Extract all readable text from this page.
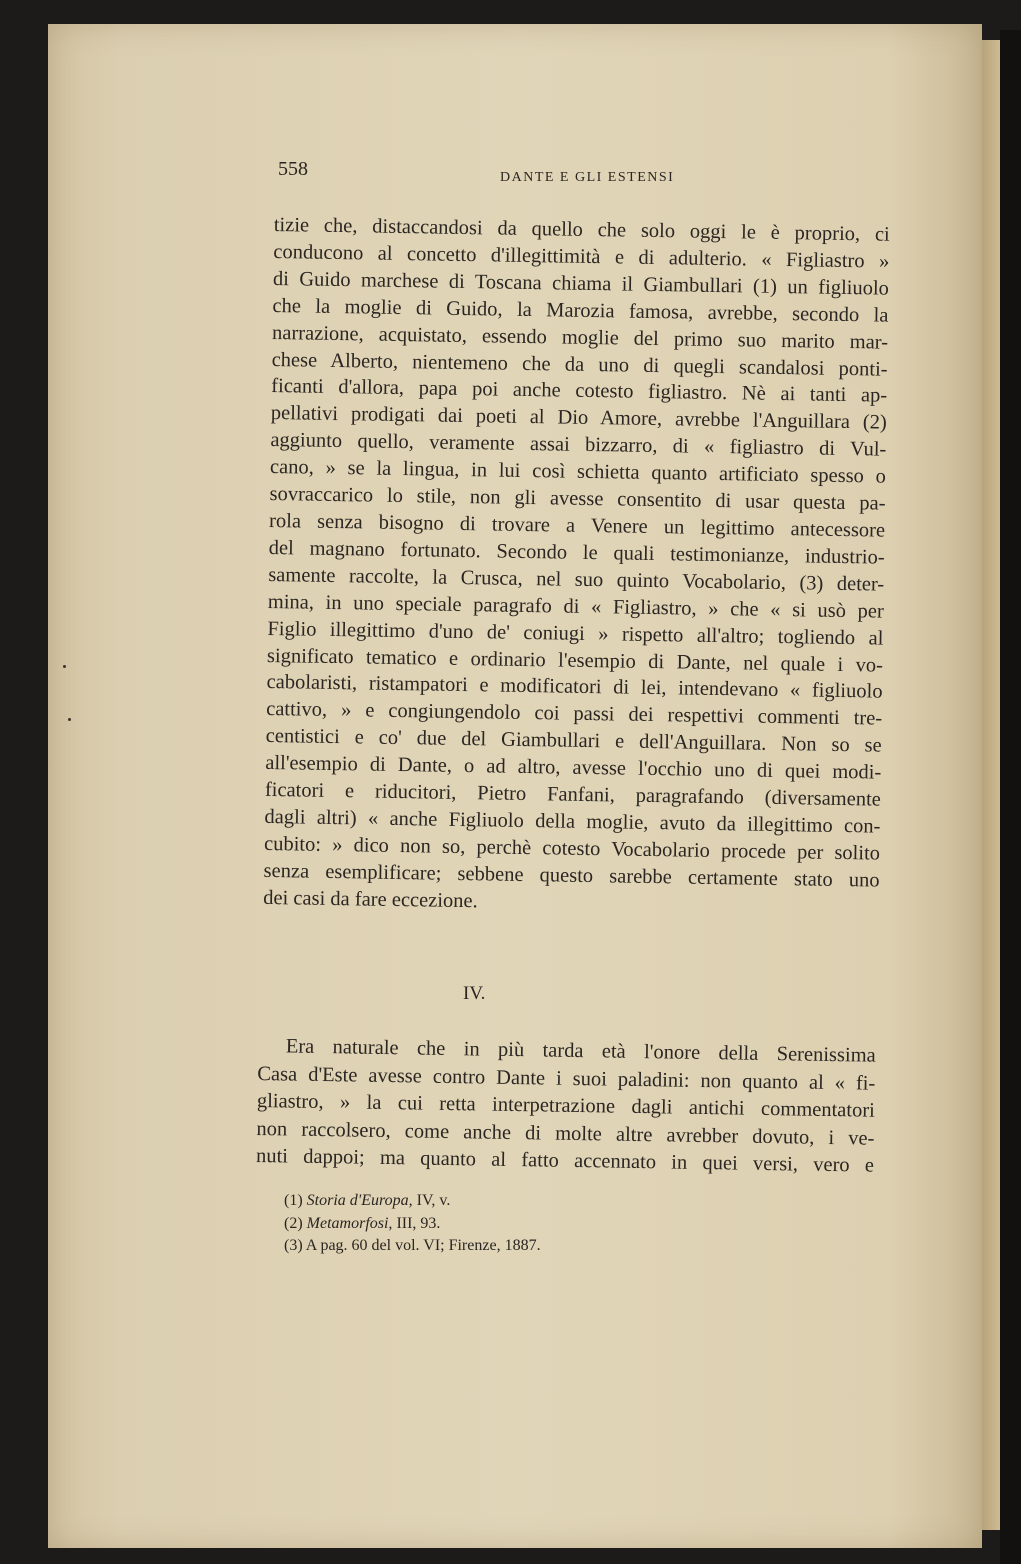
558	DANTE E GLI ESTENSI
tizie che, distaccandosi da quello che solo oggi le è proprio, ci
conducono al concetto d'illegittimità e di adulterio. « Figliastro »
di Guido marchese di Toscana chiama il Giambullari (1) un figliuolo
che la moglie di Guido, la Marozia famosa, avrebbe, secondo la
narrazione, acquistato, essendo moglie del primo suo marito mar-
chese Alberto, nientemeno che da uno di quegli scandalosi ponti-
ficanti d'allora, papa poi anche cotesto figliastro. Nè ai tanti ap-
pellativi prodigati dai poeti al Dio Amore, avrebbe l'Anguillara (2)
aggiunto quello, veramente assai bizzarro, di « figliastro di Vul-
cano, » se la lingua, in lui così schietta quanto artificiato spesso o
sovraccarico lo stile, non gli avesse consentito di usar questa pa-
rola senza bisogno di trovare a Venere un legittimo antecessore
del magnano fortunato. Secondo le quali testimonianze, industrio-
samente raccolte, la Crusca, nel suo quinto Vocabolario, (3) deter-
mina, in uno speciale paragrafo di « Figliastro, » che « si usò per
Figlio illegittimo d'uno de' coniugi » rispetto all'altro; togliendo al
significato tematico e ordinario l'esempio di Dante, nel quale i vo-
cabolaristi, ristampatori e modificatori di lei, intendevano « figliuolo
cattivo, » e congiungendolo coi passi dei respettivi commenti tre-
centistici e co' due del Giambullari e dell'Anguillara. Non so se
all'esempio di Dante, o ad altro, avesse l'occhio uno di quei modi-
ficatori e riducitori, Pietro Fanfani, paragrafando (diversamente
dagli altri) « anche Figliuolo della moglie, avuto da illegittimo con-
cubito: » dico non so, perchè cotesto Vocabolario procede per solito
senza esemplificare; sebbene questo sarebbe certamente stato uno
dei casi da fare eccezione.
IV.
Era naturale che in più tarda età l'onore della Serenissima
Casa d'Este avesse contro Dante i suoi paladini: non quanto al « fi-
gliastro, » la cui retta interpetrazione dagli antichi commentatori
non raccolsero, come anche di molte altre avrebber dovuto, i ve-
nuti dappoi; ma quanto al fatto accennato in quei versi, vero e
(1) Storia d'Europa, IV, v.
(2) Metamorfosi, III, 93.
(3) A pag. 60 del vol. VI; Firenze, 1887.
